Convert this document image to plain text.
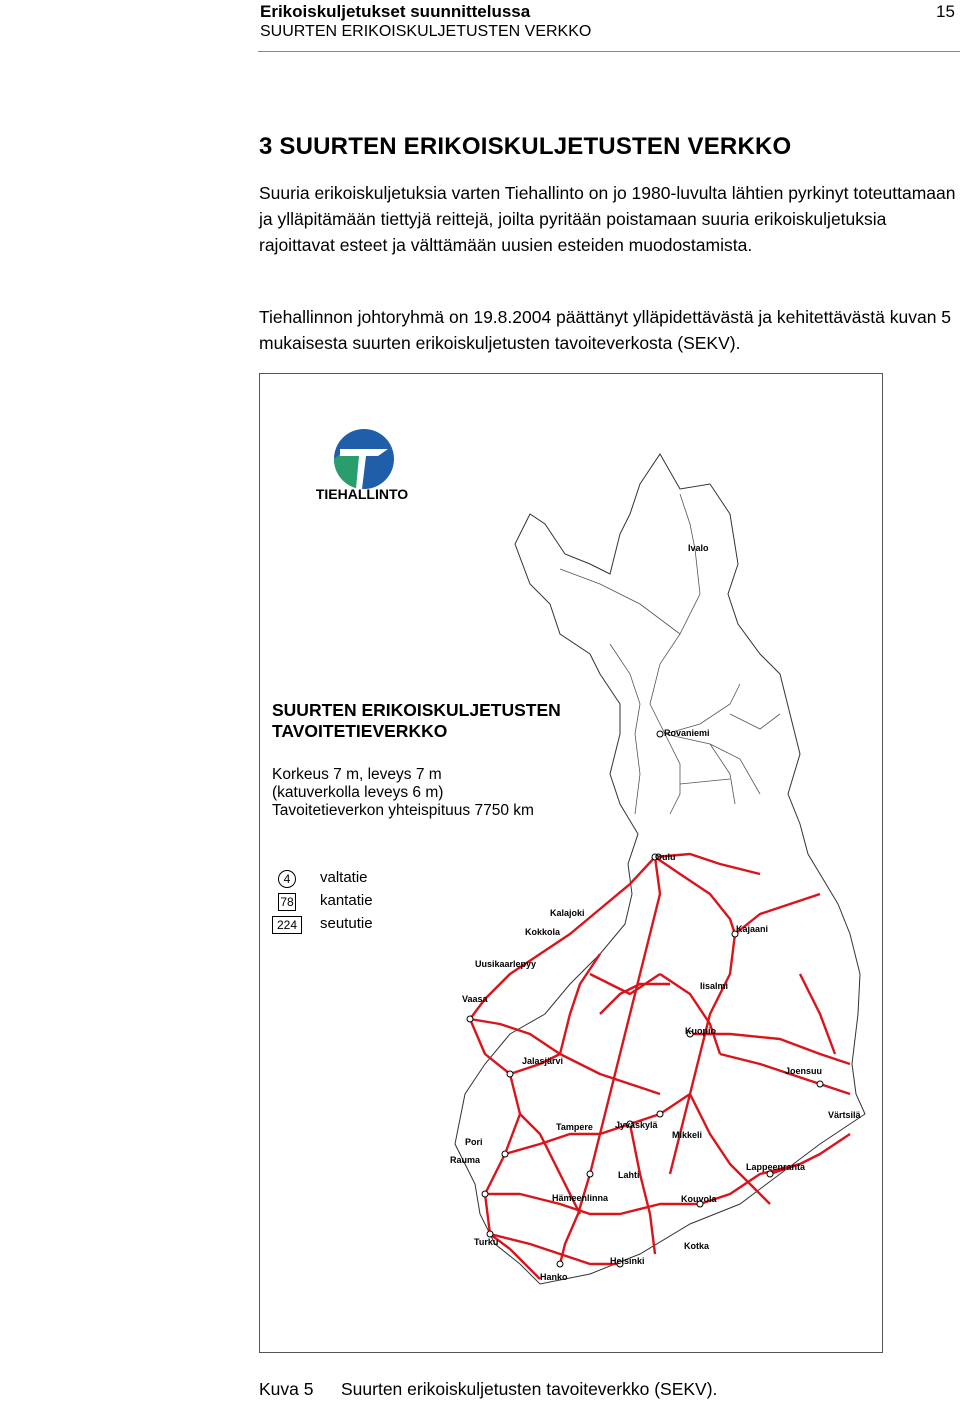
Erikoiskuljetukset suunnittelussa
SUURTEN ERIKOISKULJETUSTEN VERKKO
15
3 SUURTEN ERIKOISKULJETUSTEN VERKKO

Suuria erikoiskuljetuksia varten Tiehallinto on jo 1980-luvulta lähtien pyrkinyt toteuttamaan ja ylläpitämään tiettyjä reittejä, joilta pyritään poistamaan suuria erikoiskuljetuksia rajoittavat esteet ja välttämään uusien esteiden muodostamista.

Tiehallinnon johtoryhmä on 19.8.2004 päättänyt ylläpidettävästä ja kehitettävästä kuvan 5 mukaisesta suurten erikoiskuljetusten tavoiteverkosta (SEKV).

TIEHALLINTO
Ivalo
Rovaniemi
Oulu
Kajaani
Kalajoki
Kokkola
Uusikaarlepyy
Vaasa
Iisalmi
Kuopio
Joensuu
Värtsilä
Jalasjärvi
Jyväskylä
Mikkeli
Pori
Rauma
Tampere
Lahti
Lappeenranta
Hämeenlinna	Kouvola
Turku	Kotka
Helsinki
Hanko
SUURTEN ERIKOISKULJETUSTEN
TAVOITETIEVERKKO
Korkeus 7 m, leveys 7 m
(katuverkolla leveys 6 m)
Tavoitetieverkon yhteispituus 7750 km
4	valtatie
78 kantatie
224	seututie
Kuva 5 Suurten erikoiskuljetusten tavoiteverkko (SEKV).
